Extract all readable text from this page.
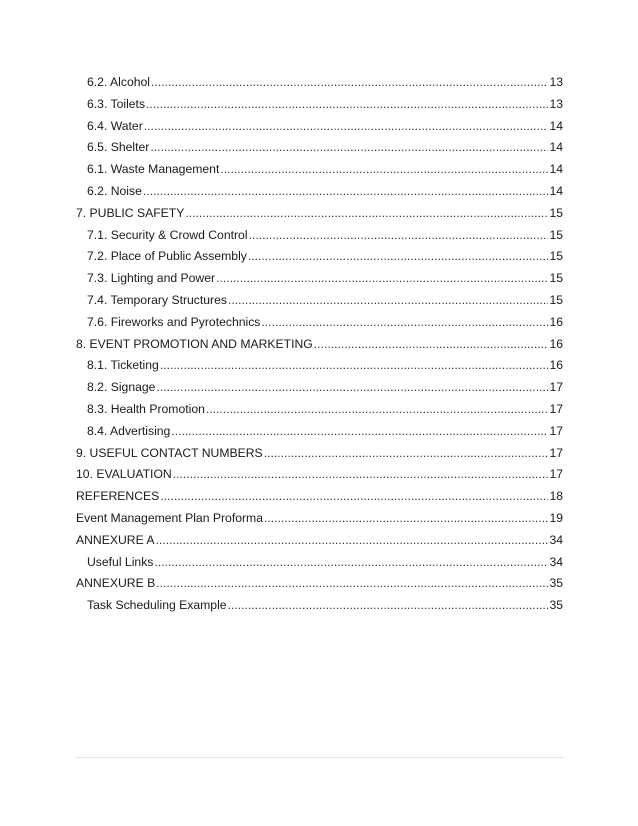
6.2. Alcohol .....	13
6.3. Toilets .....	13
6.4. Water .....	14
6.5. Shelter .....	14
6.1. Waste Management .....	14
6.2. Noise .....	14
7. PUBLIC SAFETY .....	15
7.1. Security & Crowd Control .....	15
7.2. Place of Public Assembly .....	15
7.3. Lighting and Power .....	15
7.4. Temporary Structures .....	15
7.6. Fireworks and Pyrotechnics .....	16
8. EVENT PROMOTION AND MARKETING .....	16
8.1. Ticketing .....	16
8.2. Signage .....	17
8.3. Health Promotion .....	17
8.4. Advertising .....	17
9. USEFUL CONTACT NUMBERS .....	17
10. EVALUATION .....	17
REFERENCES .....	18
Event Management Plan Proforma .....	19
ANNEXURE A .....	34
Useful Links .....	34
ANNEXURE B .....	35
Task Scheduling Example .....	35
